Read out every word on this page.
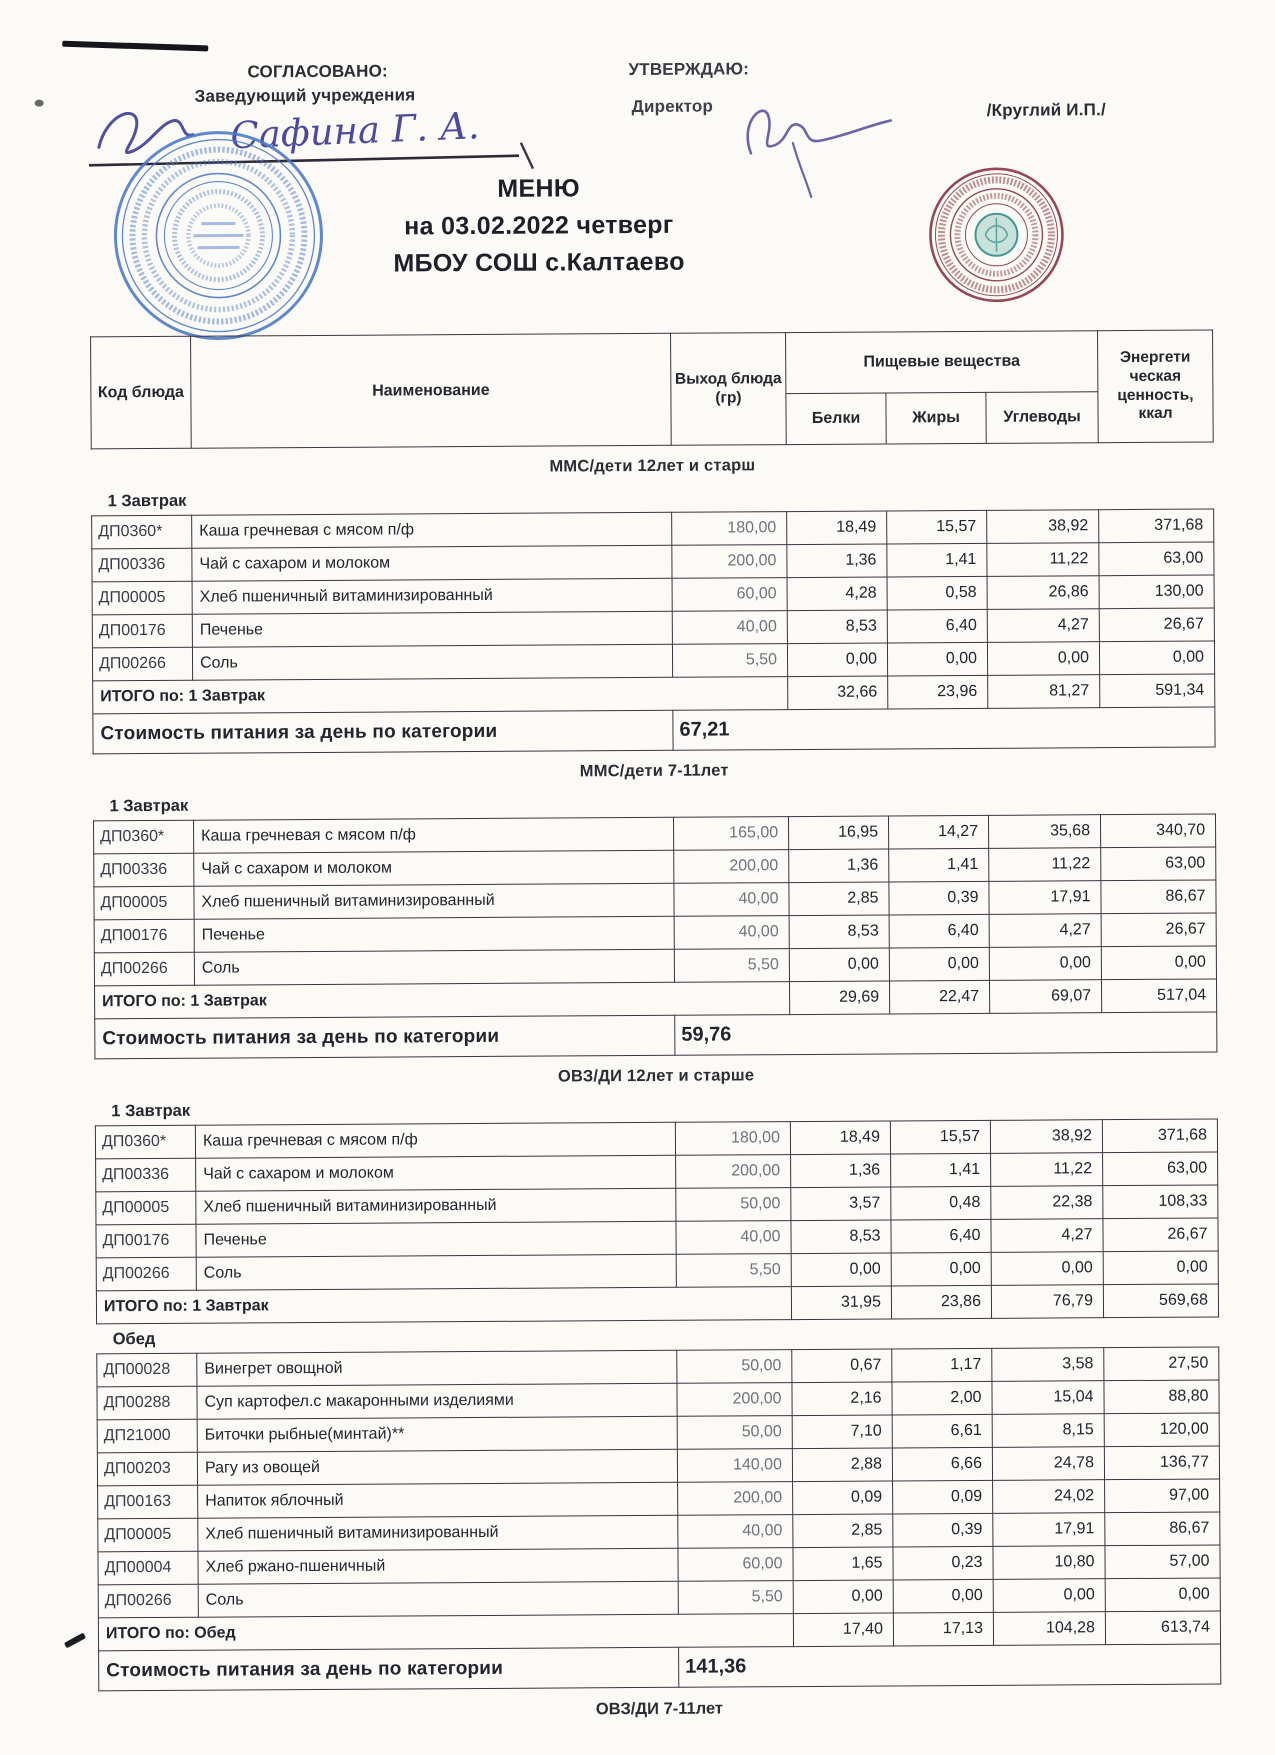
СОГЛАСОВАНО:
Заведующий учреждения
УТВЕРЖДАЮ:
Директор	/Круглий И.П./
Сафина Г. А.
МЕНЮ
на 03.02.2022 четверг
МБОУ СОШ с.Калтаево
Код блюда	Наименование	Выход блюда (гр)	Пищевые вещества			Энергети ческая ценность, ккал
			Белки	Жиры	Углеводы	
ММС/дети 12лет и старш						
1 Завтрак						
ДП0360*	Каша гречневая с мясом п/ф	180,00	18,49	15,57	38,92	371,68
ДП00336	Чай с сахаром и молоком	200,00	1,36	1,41	11,22	63,00
ДП00005	Хлеб пшеничный витаминизированный	60,00	4,28	0,58	26,86	130,00
ДП00176	Печенье	40,00	8,53	6,40	4,27	26,67
ДП00266	Соль	5,50	0,00	0,00	0,00	0,00
ИТОГО по: 1 Завтрак			32,66	23,96	81,27	591,34
Стоимость питания за день по категории		67,21				
ММС/дети 7-11лет						
1 Завтрак						
ДП0360*	Каша гречневая с мясом п/ф	165,00	16,95	14,27	35,68	340,70
ДП00336	Чай с сахаром и молоком	200,00	1,36	1,41	11,22	63,00
ДП00005	Хлеб пшеничный витаминизированный	40,00	2,85	0,39	17,91	86,67
ДП00176	Печенье	40,00	8,53	6,40	4,27	26,67
ДП00266	Соль	5,50	0,00	0,00	0,00	0,00
ИТОГО по: 1 Завтрак			29,69	22,47	69,07	517,04
Стоимость питания за день по категории		59,76				
ОВЗ/ДИ 12лет и старше						
1 Завтрак						
ДП0360*	Каша гречневая с мясом п/ф	180,00	18,49	15,57	38,92	371,68
ДП00336	Чай с сахаром и молоком	200,00	1,36	1,41	11,22	63,00
ДП00005	Хлеб пшеничный витаминизированный	50,00	3,57	0,48	22,38	108,33
ДП00176	Печенье	40,00	8,53	6,40	4,27	26,67
ДП00266	Соль	5,50	0,00	0,00	0,00	0,00
ИТОГО по: 1 Завтрак			31,95	23,86	76,79	569,68
Обед						
ДП00028	Винегрет овощной	50,00	0,67	1,17	3,58	27,50
ДП00288	Суп картофел.с макаронными изделиями	200,00	2,16	2,00	15,04	88,80
ДП21000	Биточки рыбные(минтай)**	50,00	7,10	6,61	8,15	120,00
ДП00203	Рагу из овощей	140,00	2,88	6,66	24,78	136,77
ДП00163	Напиток яблочный	200,00	0,09	0,09	24,02	97,00
ДП00005	Хлеб пшеничный витаминизированный	40,00	2,85	0,39	17,91	86,67
ДП00004	Хлеб ржано-пшеничный	60,00	1,65	0,23	10,80	57,00
ДП00266	Соль	5,50	0,00	0,00	0,00	0,00
ИТОГО по: Обед			17,40	17,13	104,28	613,74
Стоимость питания за день по категории		141,36				
ОВЗ/ДИ 7-11лет
